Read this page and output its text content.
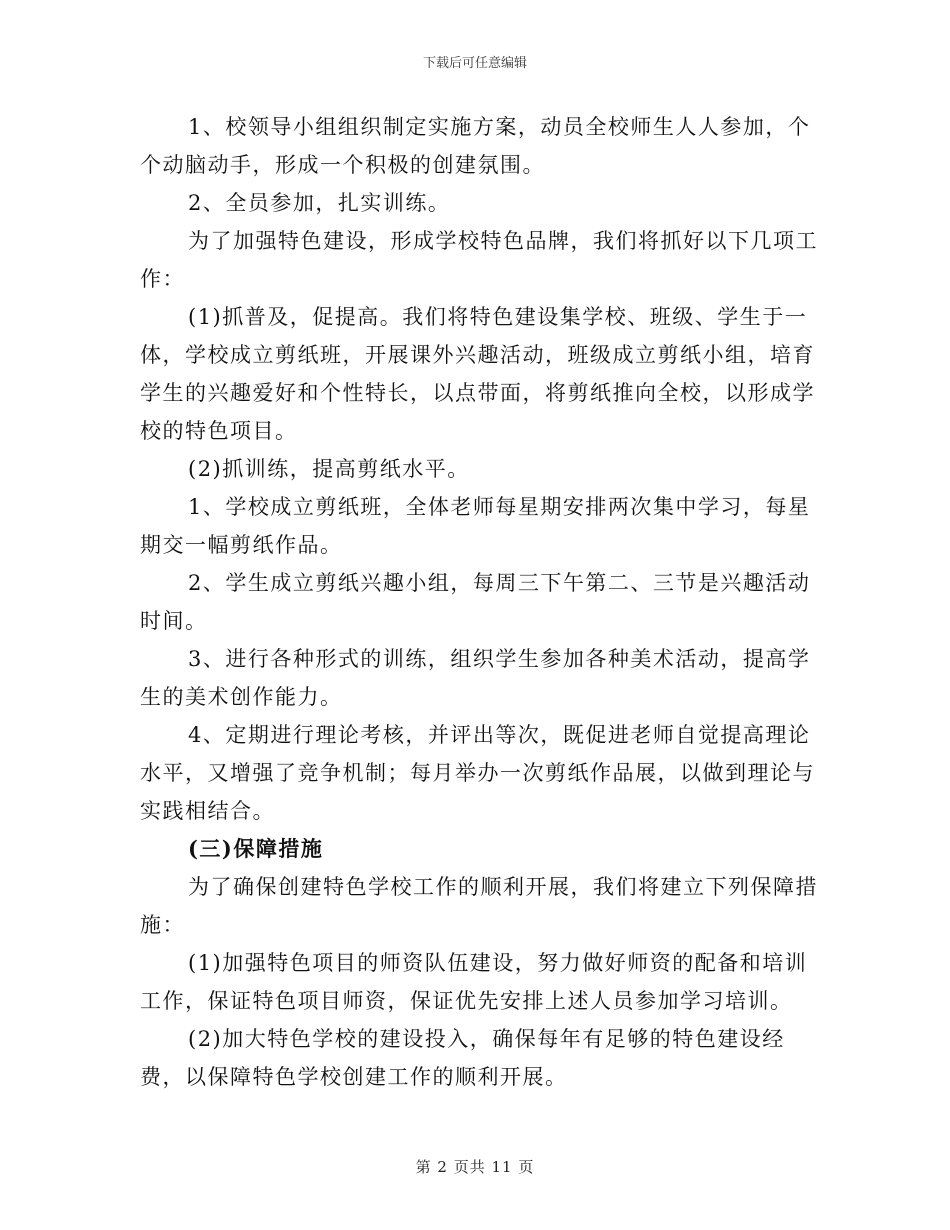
下载后可任意编辑

1、校领导小组组织制定实施方案，动员全校师生人人参加，个个动脑动手，形成一个积极的创建氛围。

2、全员参加，扎实训练。

为了加强特色建设，形成学校特色品牌，我们将抓好以下几项工作：

(1)抓普及，促提高。我们将特色建设集学校、班级、学生于一体，学校成立剪纸班，开展课外兴趣活动，班级成立剪纸小组，培育学生的兴趣爱好和个性特长，以点带面，将剪纸推向全校，以形成学校的特色项目。

(2)抓训练，提高剪纸水平。

1、学校成立剪纸班，全体老师每星期安排两次集中学习，每星期交一幅剪纸作品。

2、学生成立剪纸兴趣小组，每周三下午第二、三节是兴趣活动时间。

3、进行各种形式的训练，组织学生参加各种美术活动，提高学生的美术创作能力。

4、定期进行理论考核，并评出等次，既促进老师自觉提高理论水平，又增强了竞争机制；每月举办一次剪纸作品展，以做到理论与实践相结合。

(三)保障措施

为了确保创建特色学校工作的顺利开展，我们将建立下列保障措施：

(1)加强特色项目的师资队伍建设，努力做好师资的配备和培训工作，保证特色项目师资，保证优先安排上述人员参加学习培训。

(2)加大特色学校的建设投入，确保每年有足够的特色建设经费，以保障特色学校创建工作的顺利开展。

第 2 页共 11 页
